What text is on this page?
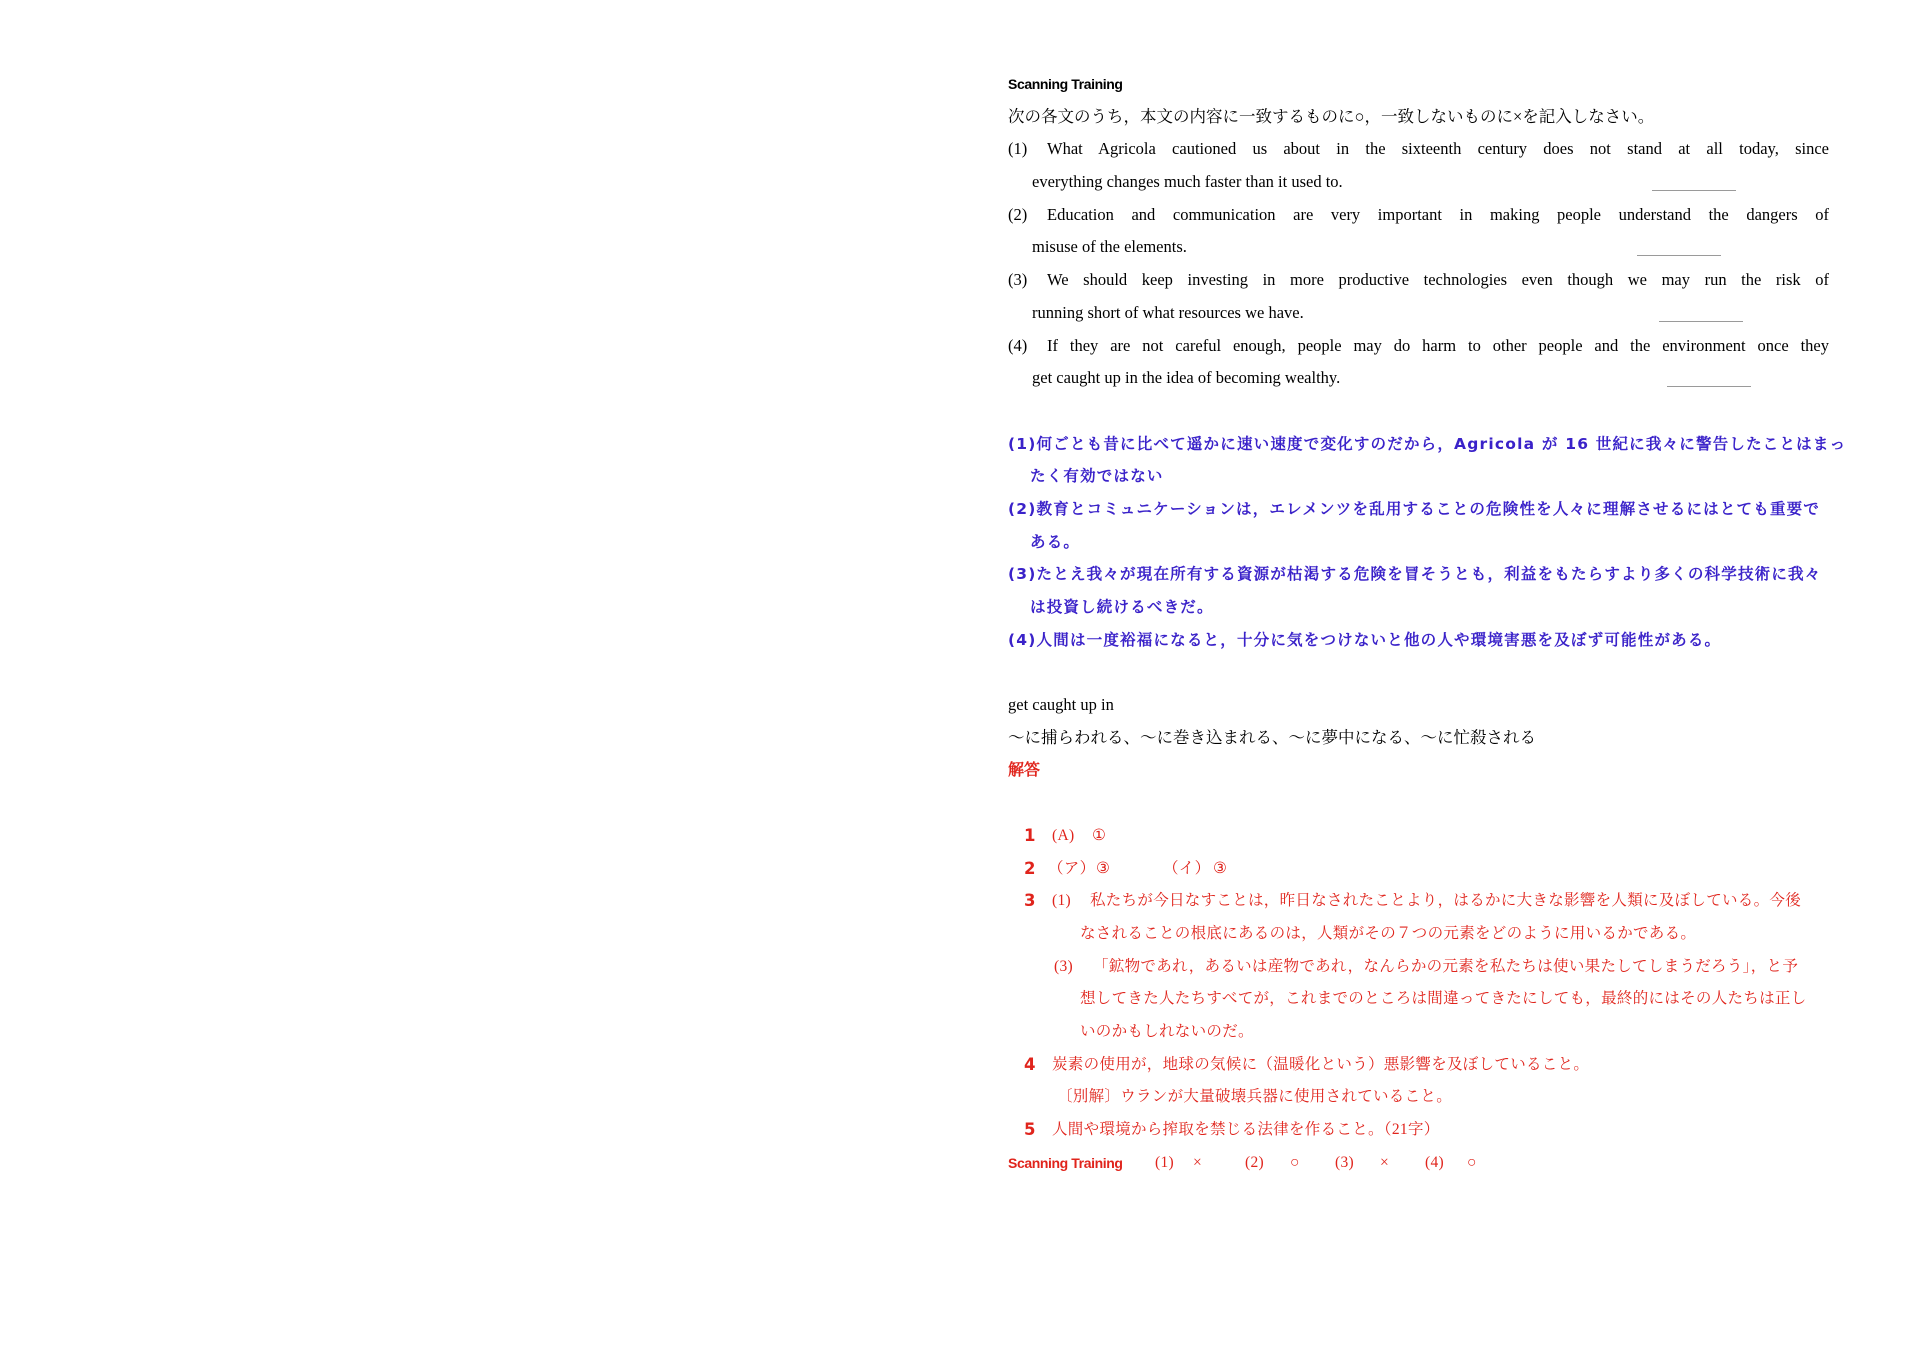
Scanning Training
次の各文のうち，本文の内容に一致するものに○，一致しないものに×を記入しなさい。
(1) What Agricola cautioned us about in the sixteenth century does not stand at all today, since
everything changes much faster than it used to.
(2) Education and communication are very important in making people understand the dangers of
misuse of the elements.
(3) We should keep investing in more productive technologies even though we may run the risk of
running short of what resources we have.
(4) If they are not careful enough, people may do harm to other people and the environment once they
get caught up in the idea of becoming wealthy.
(1)何ごとも昔に比べて遥かに速い速度で変化すのだから，Agricola が 16 世紀に我々に警告したことはまっ
たく有効ではない
(2)教育とコミュニケーションは，エレメンツを乱用することの危険性を人々に理解させるにはとても重要で
ある。
(3)たとえ我々が現在所有する資源が枯渇する危険を冒そうとも，利益をもたらすより多くの科学技術に我々
は投資し続けるべきだ。
(4)人間は一度裕福になると，十分に気をつけないと他の人や環境害悪を及ぼず可能性がある。
get caught up in
〜に捕らわれる、〜に巻き込まれる、〜に夢中になる、〜に忙殺される
解答
1 (A) ①
2 （ア） ③	（イ） ③
3 (1) 私たちが今日なすことは，昨日なされたことより，はるかに大きな影響を人類に及ぼしている。今後
なされることの根底にあるのは，人類がその７つの元素をどのように用いるかである。
(3) 「鉱物であれ，あるいは産物であれ，なんらかの元素を私たちは使い果たしてしまうだろう」，と予
想してきた人たちすべてが，これまでのところは間違ってきたにしても，最終的にはその人たちは正し
いのかもしれないのだ。
4 炭素の使用が，地球の気候に（温暖化という）悪影響を及ぼしていること。
〔別解〕ウランが大量破壊兵器に使用されていること。
5 人間や環境から搾取を禁じる法律を作ること。（21字）
Scanning Training (1) ×	(2) ○ (3) × (4) ○
